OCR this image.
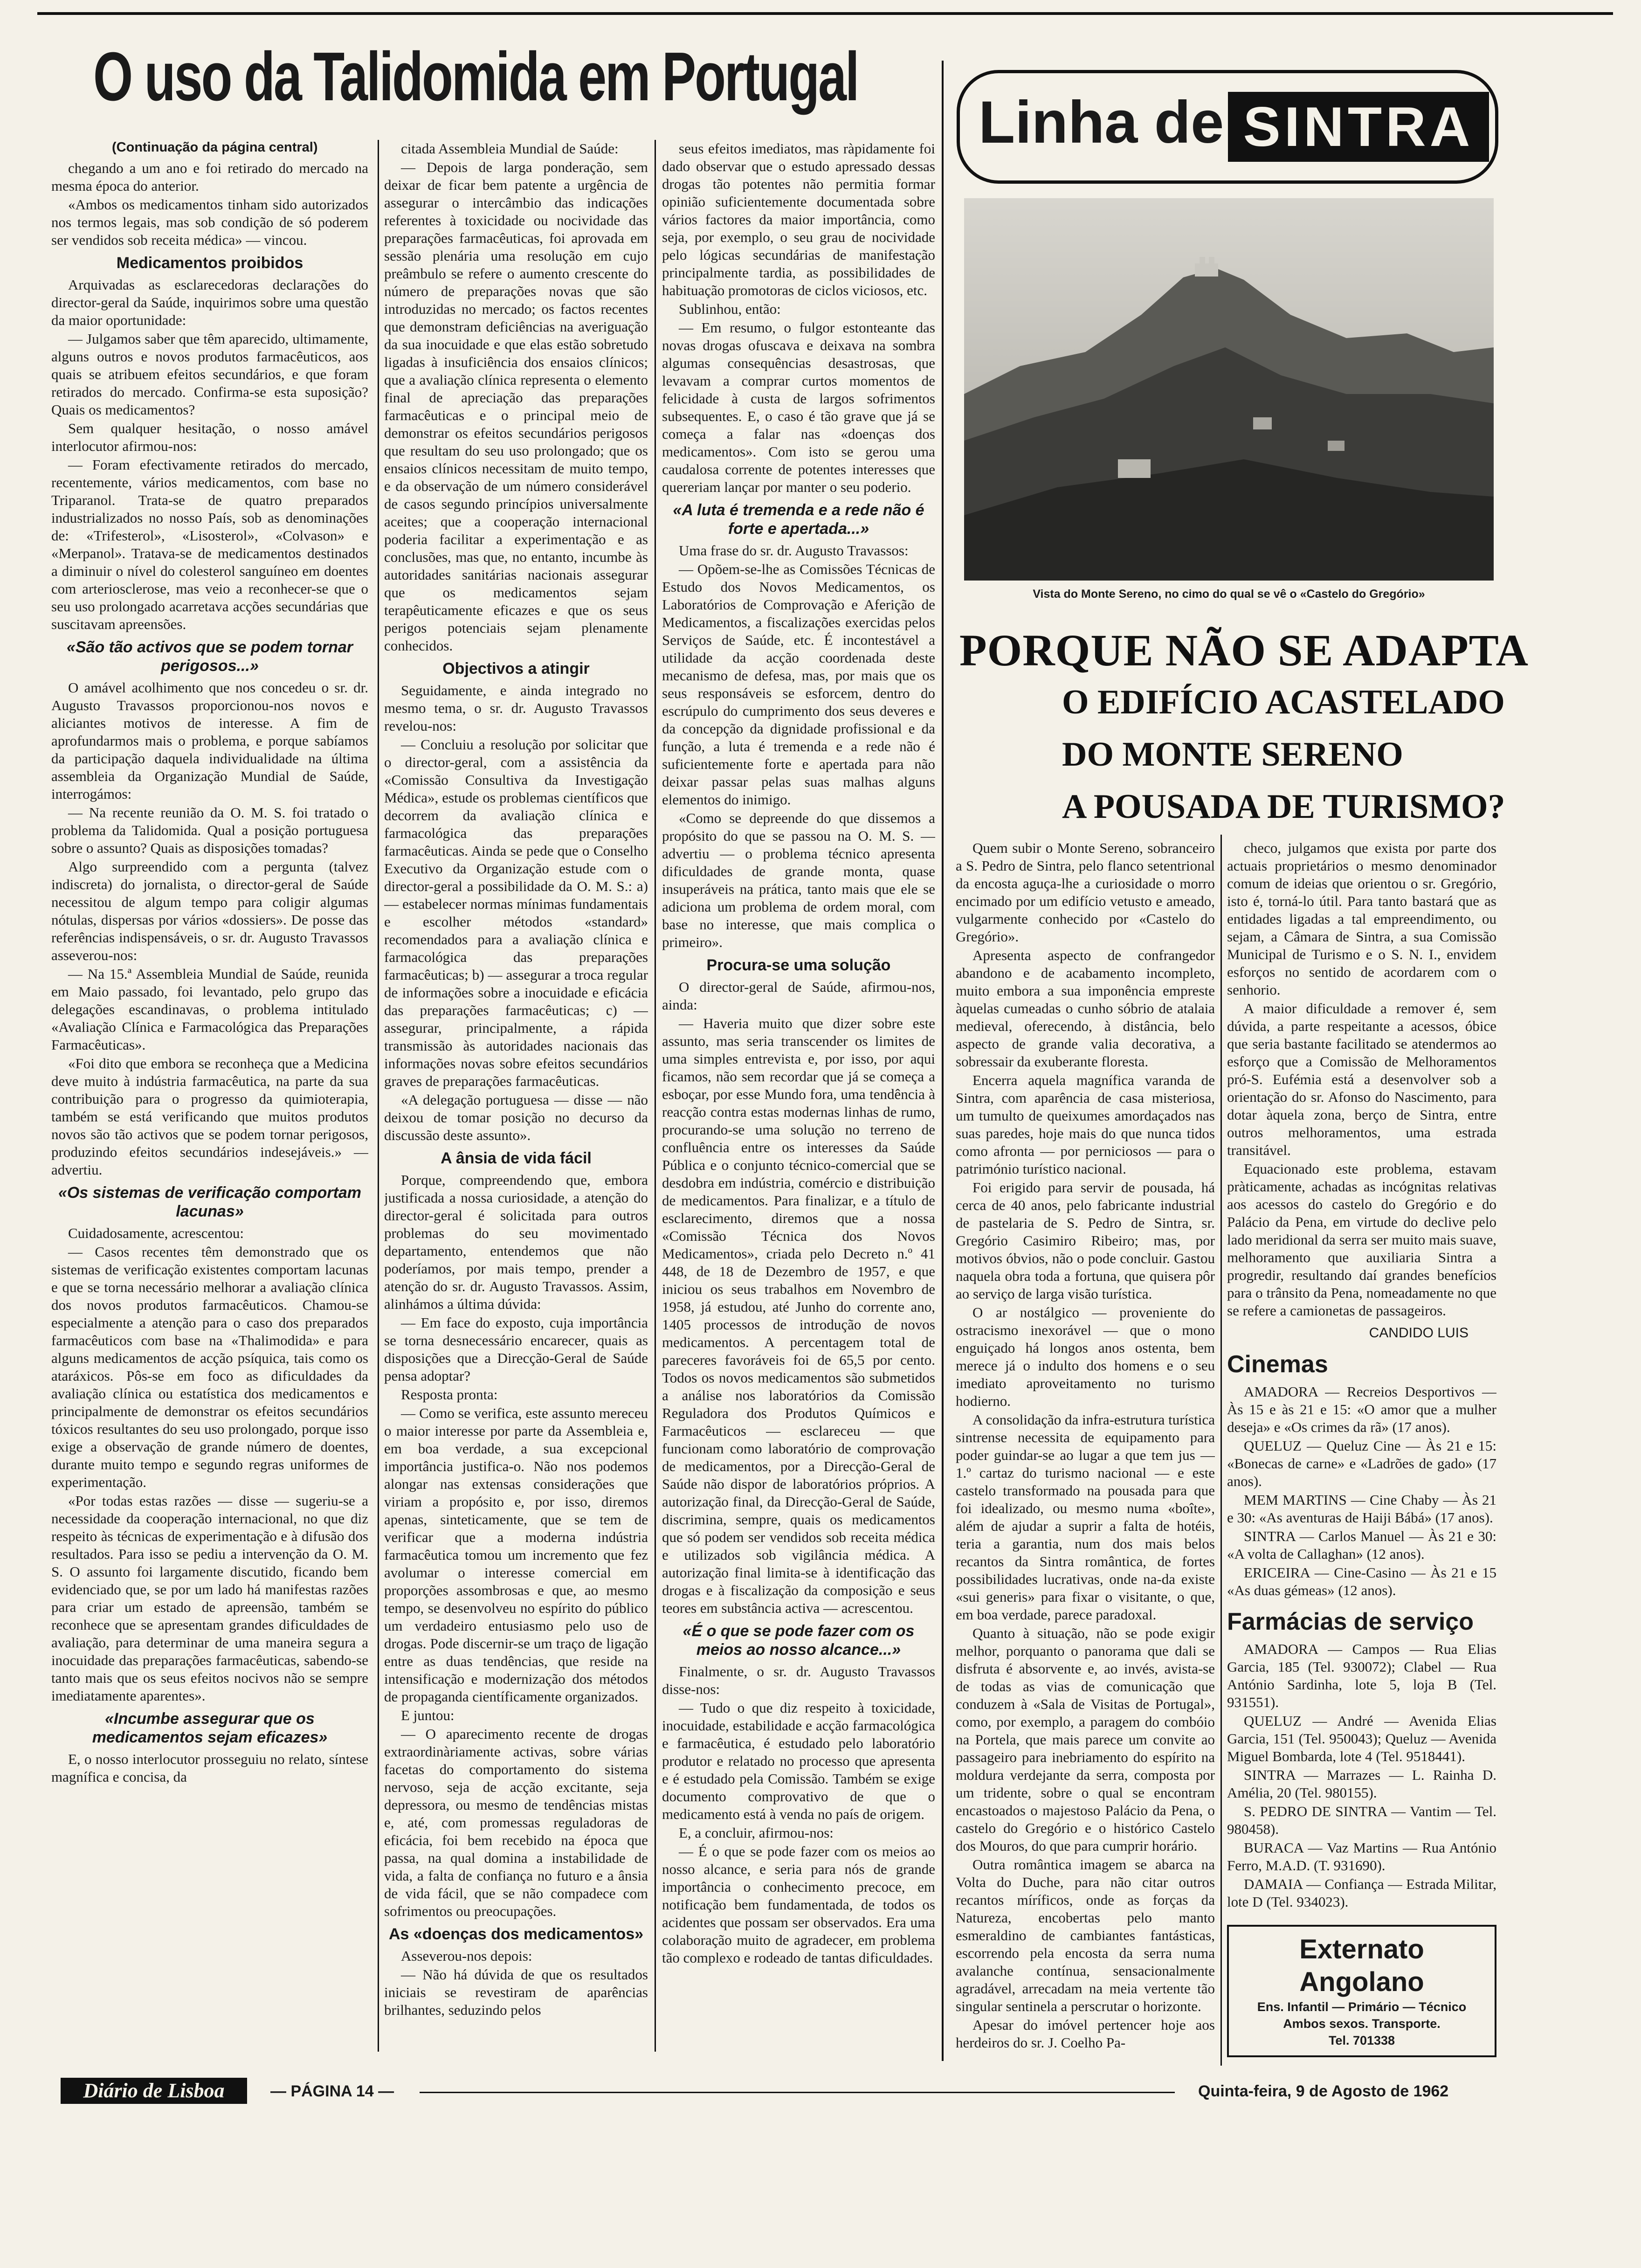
O uso da Talidomida em Portugal
(Continuação da página central)

chegando a um ano e foi retirado do mercado na mesma época do anterior.

«Ambos os medicamentos tinham sido autorizados nos termos legais, mas sob condição de só poderem ser vendidos sob receita médica» — vincou.

Medicamentos proibidos

Arquivadas as esclarecedoras declarações do director-geral da Saúde, inquirimos sobre uma questão da maior oportunidade:

— Julgamos saber que têm aparecido, ultimamente, alguns outros e novos produtos farmacêuticos, aos quais se atribuem efeitos secundários, e que foram retirados do mercado. Confirma-se esta suposição? Quais os medicamentos?

Sem qualquer hesitação, o nosso amável interlocutor afirmou-nos:

— Foram efectivamente retirados do mercado, recentemente, vários medicamentos, com base no Triparanol. Trata-se de quatro preparados industrializados no nosso País, sob as denominações de: «Trifesterol», «Lisosterol», «Colvason» e «Merpanol». Tratava-se de medicamentos destinados a diminuir o nível do colesterol sanguíneo em doentes com arteriosclerose, mas veio a reconhecer-se que o seu uso prolongado acarretava acções secundárias que suscitavam apreensões.

«São tão activos que se podem tornar perigosos...»

O amável acolhimento que nos concedeu o sr. dr. Augusto Travassos proporcionou-nos novos e aliciantes motivos de interesse. A fim de aprofundarmos mais o problema, e porque sabíamos da participação daquela individualidade na última assembleia da Organização Mundial de Saúde, interrogámos:

— Na recente reunião da O. M. S. foi tratado o problema da Talidomida. Qual a posição portuguesa sobre o assunto? Quais as disposições tomadas?

Algo surpreendido com a pergunta (talvez indiscreta) do jornalista, o director-geral de Saúde necessitou de algum tempo para coligir algumas nótulas, dispersas por vários «dossiers». De posse das referências indispensáveis, o sr. dr. Augusto Travassos asseverou-nos:

— Na 15.ª Assembleia Mundial de Saúde, reunida em Maio passado, foi levantado, pelo grupo das delegações escandinavas, o problema intitulado «Avaliação Clínica e Farmacológica das Preparações Farmacêuticas».

«Foi dito que embora se reconheça que a Medicina deve muito à indústria farmacêutica, na parte da sua contribuição para o progresso da quimioterapia, também se está verificando que muitos produtos novos são tão activos que se podem tornar perigosos, produzindo efeitos secundários indesejáveis.» — advertiu.

«Os sistemas de verificação comportam lacunas»

Cuidadosamente, acrescentou:

— Casos recentes têm demonstrado que os sistemas de verificação existentes comportam lacunas e que se torna necessário melhorar a avaliação clínica dos novos produtos farmacêuticos. Chamou-se especialmente a atenção para o caso dos preparados farmacêuticos com base na «Thalimodida» e para alguns medicamentos de acção psíquica, tais como os ataráxicos. Pôs-se em foco as dificuldades da avaliação clínica ou estatística dos medicamentos e principalmente de demonstrar os efeitos secundários tóxicos resultantes do seu uso prolongado, porque isso exige a observação de grande número de doentes, durante muito tempo e segundo regras uniformes de experimentação.

«Por todas estas razões — disse — sugeriu-se a necessidade da cooperação internacional, no que diz respeito às técnicas de experimentação e à difusão dos resultados. Para isso se pediu a intervenção da O. M. S. O assunto foi largamente discutido, ficando bem evidenciado que, se por um lado há manifestas razões para criar um estado de apreensão, também se reconhece que se apresentam grandes dificuldades de avaliação, para determinar de uma maneira segura a inocuidade das preparações farmacêuticas, sabendo-se tanto mais que os seus efeitos nocivos não se sempre imediatamente aparentes».

«Incumbe assegurar que os medicamentos sejam eficazes»

E, o nosso interlocutor prosseguiu no relato, síntese magnífica e concisa, da

citada Assembleia Mundial de Saúde:

— Depois de larga ponderação, sem deixar de ficar bem patente a urgência de assegurar o intercâmbio das indicações referentes à toxicidade ou nocividade das preparações farmacêuticas, foi aprovada em sessão plenária uma resolução em cujo preâmbulo se refere o aumento crescente do número de preparações novas que são introduzidas no mercado; os factos recentes que demonstram deficiências na averiguação da sua inocuidade e que elas estão sobretudo ligadas à insuficiência dos ensaios clínicos; que a avaliação clínica representa o elemento final de apreciação das preparações farmacêuticas e o principal meio de demonstrar os efeitos secundários perigosos que resultam do seu uso prolongado; que os ensaios clínicos necessitam de muito tempo, e da observação de um número considerável de casos segundo princípios universalmente aceites; que a cooperação internacional poderia facilitar a experimentação e as conclusões, mas que, no entanto, incumbe às autoridades sanitárias nacionais assegurar que os medicamentos sejam terapêuticamente eficazes e que os seus perigos potenciais sejam plenamente conhecidos.

Objectivos a atingir

Seguidamente, e ainda integrado no mesmo tema, o sr. dr. Augusto Travassos revelou-nos:

— Concluiu a resolução por solicitar que o director-geral, com a assistência da «Comissão Consultiva da Investigação Médica», estude os problemas científicos que decorrem da avaliação clínica e farmacológica das preparações farmacêuticas. Ainda se pede que o Conselho Executivo da Organização estude com o director-geral a possibilidade da O. M. S.: a) — estabelecer normas mínimas fundamentais e escolher métodos «standard» recomendados para a avaliação clínica e farmacológica das preparações farmacêuticas; b) — assegurar a troca regular de informações sobre a inocuidade e eficácia das preparações farmacêuticas; c) — assegurar, principalmente, a rápida transmissão às autoridades nacionais das informações novas sobre efeitos secundários graves de preparações farmacêuticas.

«A delegação portuguesa — disse — não deixou de tomar posição no decurso da discussão deste assunto».

A ânsia de vida fácil

Porque, compreendendo que, embora justificada a nossa curiosidade, a atenção do director-geral é solicitada para outros problemas do seu movimentado departamento, entendemos que não poderíamos, por mais tempo, prender a atenção do sr. dr. Augusto Travassos. Assim, alinhámos a última dúvida:

— Em face do exposto, cuja importância se torna desnecessário encarecer, quais as disposições que a Direcção-Geral de Saúde pensa adoptar?

Resposta pronta:

— Como se verifica, este assunto mereceu o maior interesse por parte da Assembleia e, em boa verdade, a sua excepcional importância justifica-o. Não nos podemos alongar nas extensas considerações que viriam a propósito e, por isso, diremos apenas, sinteticamente, que se tem de verificar que a moderna indústria farmacêutica tomou um incremento que fez avolumar o interesse comercial em proporções assombrosas e que, ao mesmo tempo, se desenvolveu no espírito do público um verdadeiro entusiasmo pelo uso de drogas. Pode discernir-se um traço de ligação entre as duas tendências, que reside na intensificação e modernização dos métodos de propaganda científicamente organizados.

E juntou:

— O aparecimento recente de drogas extraordinàriamente activas, sobre várias facetas do comportamento do sistema nervoso, seja de acção excitante, seja depressora, ou mesmo de tendências mistas e, até, com promessas reguladoras de eficácia, foi bem recebido na época que passa, na qual domina a instabilidade de vida, a falta de confiança no futuro e a ânsia de vida fácil, que se não compadece com sofrimentos ou preocupações.

As «doenças dos medicamentos»

Asseverou-nos depois:

— Não há dúvida de que os resultados iniciais se revestiram de aparências brilhantes, seduzindo pelos

seus efeitos imediatos, mas ràpidamente foi dado observar que o estudo apressado dessas drogas tão potentes não permitia formar opinião suficientemente documentada sobre vários factores da maior importância, como seja, por exemplo, o seu grau de nocividade pelo lógicas secundárias de manifestação principalmente tardia, as possibilidades de habituação promotoras de ciclos viciosos, etc.

Sublinhou, então:

— Em resumo, o fulgor estonteante das novas drogas ofuscava e deixava na sombra algumas consequências desastrosas, que levavam a comprar curtos momentos de felicidade à custa de largos sofrimentos subsequentes. E, o caso é tão grave que já se começa a falar nas «doenças dos medicamentos». Com isto se gerou uma caudalosa corrente de potentes interesses que quereriam lançar por manter o seu poderio.

«A luta é tremenda e a rede não é forte e apertada...»

Uma frase do sr. dr. Augusto Travassos:

— Opõem-se-lhe as Comissões Técnicas de Estudo dos Novos Medicamentos, os Laboratórios de Comprovação e Aferição de Medicamentos, a fiscalizações exercidas pelos Serviços de Saúde, etc. É incontestável a utilidade da acção coordenada deste mecanismo de defesa, mas, por mais que os seus responsáveis se esforcem, dentro do escrúpulo do cumprimento dos seus deveres e da concepção da dignidade profissional e da função, a luta é tremenda e a rede não é suficientemente forte e apertada para não deixar passar pelas suas malhas alguns elementos do inimigo.

«Como se depreende do que dissemos a propósito do que se passou na O. M. S. — advertiu — o problema técnico apresenta dificuldades de grande monta, quase insuperáveis na prática, tanto mais que ele se adiciona um problema de ordem moral, com base no interesse, que mais complica o primeiro».

Procura-se uma solução

O director-geral de Saúde, afirmou-nos, ainda:

— Haveria muito que dizer sobre este assunto, mas seria transcender os limites de uma simples entrevista e, por isso, por aqui ficamos, não sem recordar que já se começa a esboçar, por esse Mundo fora, uma tendência à reacção contra estas modernas linhas de rumo, procurando-se uma solução no terreno de confluência entre os interesses da Saúde Pública e o conjunto técnico-comercial que se desdobra em indústria, comércio e distribuição de medicamentos. Para finalizar, e a título de esclarecimento, diremos que a nossa «Comissão Técnica dos Novos Medicamentos», criada pelo Decreto n.º 41 448, de 18 de Dezembro de 1957, e que iniciou os seus trabalhos em Novembro de 1958, já estudou, até Junho do corrente ano, 1405 processos de introdução de novos medicamentos. A percentagem total de pareceres favoráveis foi de 65,5 por cento. Todos os novos medicamentos são submetidos a análise nos laboratórios da Comissão Reguladora dos Produtos Químicos e Farmacêuticos — esclareceu — que funcionam como laboratório de comprovação de medicamentos, por a Direcção-Geral de Saúde não dispor de laboratórios próprios. A autorização final, da Direcção-Geral de Saúde, discrimina, sempre, quais os medicamentos que só podem ser vendidos sob receita médica e utilizados sob vigilância médica. A autorização final limita-se à identificação das drogas e à fiscalização da composição e seus teores em substância activa — acrescentou.

«É o que se pode fazer com os meios ao nosso alcance...»

Finalmente, o sr. dr. Augusto Travassos disse-nos:

— Tudo o que diz respeito à toxicidade, inocuidade, estabilidade e acção farmacológica e farmacêutica, é estudado pelo laboratório produtor e relatado no processo que apresenta e é estudado pela Comissão. Também se exige documento comprovativo de que o medicamento está à venda no país de origem.

E, a concluir, afirmou-nos:

— É o que se pode fazer com os meios ao nosso alcance, e seria para nós de grande importância o conhecimento precoce, em notificação bem fundamentada, de todos os acidentes que possam ser observados. Era uma colaboração muito de agradecer, em problema tão complexo e rodeado de tantas dificuldades.

Linha de SINTRA
Vista do Monte Sereno, no cimo do qual se vê o «Castelo do Gregório»
PORQUE NÃO SE ADAPTA
O EDIFÍCIO ACASTELADO
DO MONTE SERENO
A POUSADA DE TURISMO?

Quem subir o Monte Sereno, sobranceiro a S. Pedro de Sintra, pelo flanco setentrional da encosta aguça-lhe a curiosidade o morro encimado por um edifício vetusto e ameado, vulgarmente conhecido por «Castelo do Gregório».

Apresenta aspecto de confrangedor abandono e de acabamento incompleto, muito embora a sua imponência empreste àquelas cumeadas o cunho sóbrio de atalaia medieval, oferecendo, à distância, belo aspecto de grande valia decorativa, a sobressair da exuberante floresta.

Encerra aquela magnífica varanda de Sintra, com aparência de casa misteriosa, um tumulto de queixumes amordaçados nas suas paredes, hoje mais do que nunca tidos como afronta — por perniciosos — para o património turístico nacional.

Foi erigido para servir de pousada, há cerca de 40 anos, pelo fabricante industrial de pastelaria de S. Pedro de Sintra, sr. Gregório Casimiro Ribeiro; mas, por motivos óbvios, não o pode concluir. Gastou naquela obra toda a fortuna, que quisera pôr ao serviço de larga visão turística.

O ar nostálgico — proveniente do ostracismo inexorável — que o mono enguiçado há longos anos ostenta, bem merece já o indulto dos homens e o seu imediato aproveitamento no turismo hodierno.

A consolidação da infra-estrutura turística sintrense necessita de equipamento para poder guindar-se ao lugar a que tem jus — 1.º cartaz do turismo nacional — e este castelo transformado na pousada para que foi idealizado, ou mesmo numa «boîte», além de ajudar a suprir a falta de hotéis, teria a garantia, num dos mais belos recantos da Sintra romântica, de fortes possibilidades lucrativas, onde na-da existe «sui generis» para fixar o visitante, o que, em boa verdade, parece paradoxal.

Quanto à situação, não se pode exigir melhor, porquanto o panorama que dali se disfruta é absorvente e, ao invés, avista-se de todas as vias de comunicação que conduzem à «Sala de Visitas de Portugal», como, por exemplo, a paragem do combóio na Portela, que mais parece um convite ao passageiro para inebriamento do espírito na moldura verdejante da serra, composta por um tridente, sobre o qual se encontram encastoados o majestoso Palácio da Pena, o castelo do Gregório e o histórico Castelo dos Mouros, do que para cumprir horário.

Outra romântica imagem se abarca na Volta do Duche, para não citar outros recantos míríficos, onde as forças da Natureza, encobertas pelo manto esmeraldino de cambiantes fantásticas, escorrendo pela encosta da serra numa avalanche contínua, sensacionalmente agradável, arrecadam na meia vertente tão singular sentinela a perscrutar o horizonte.

Apesar do imóvel pertencer hoje aos herdeiros do sr. J. Coelho Pa-

checo, julgamos que exista por parte dos actuais proprietários o mesmo denominador comum de ideias que orientou o sr. Gregório, isto é, torná-lo útil. Para tanto bastará que as entidades ligadas a tal empreendimento, ou sejam, a Câmara de Sintra, a sua Comissão Municipal de Turismo e o S. N. I., envidem esforços no sentido de acordarem com o senhorio.

A maior dificuldade a remover é, sem dúvida, a parte respeitante a acessos, óbice que seria bastante facilitado se atendermos ao esforço que a Comissão de Melhoramentos pró-S. Eufémia está a desenvolver sob a orientação do sr. Afonso do Nascimento, para dotar àquela zona, berço de Sintra, entre outros melhoramentos, uma estrada transitável.

Equacionado este problema, estavam pràticamente, achadas as incógnitas relativas aos acessos do castelo do Gregório e do Palácio da Pena, em virtude do declive pelo lado meridional da serra ser muito mais suave, melhoramento que auxiliaria Sintra a progredir, resultando daí grandes benefícios para o trânsito da Pena, nomeadamente no que se refere a camionetas de passageiros.

CANDIDO LUIS
Cinemas

AMADORA — Recreios Desportivos — Às 15 e às 21 e 15: «O amor que a mulher deseja» e «Os crimes da rã» (17 anos).

QUELUZ — Queluz Cine — Às 21 e 15: «Bonecas de carne» e «Ladrões de gado» (17 anos).

MEM MARTINS — Cine Chaby — Às 21 e 30: «As aventuras de Haiji Bábá» (17 anos).

SINTRA — Carlos Manuel — Às 21 e 30: «A volta de Callaghan» (12 anos).

ERICEIRA — Cine-Casino — Às 21 e 15 «As duas gémeas» (12 anos).

Farmácias de serviço

AMADORA — Campos — Rua Elias Garcia, 185 (Tel. 930072); Clabel — Rua António Sardinha, lote 5, loja B (Tel. 931551).

QUELUZ — André — Avenida Elias Garcia, 151 (Tel. 950043); Queluz — Avenida Miguel Bombarda, lote 4 (Tel. 9518441).

SINTRA — Marrazes — L. Rainha D. Amélia, 20 (Tel. 980155).

S. PEDRO DE SINTRA — Vantim — Tel. 980458).

BURACA — Vaz Martins — Rua António Ferro, M.A.D. (T. 931690).

DAMAIA — Confiança — Estrada Militar, lote D (Tel. 934023).

Externato Angolano
Ens. Infantil — Primário — Técnico
Ambos sexos. Transporte.
Tel. 701338
Diário de Lisboa	— PÁGINA 14 —	Quinta-feira, 9 de Agosto de 1962
